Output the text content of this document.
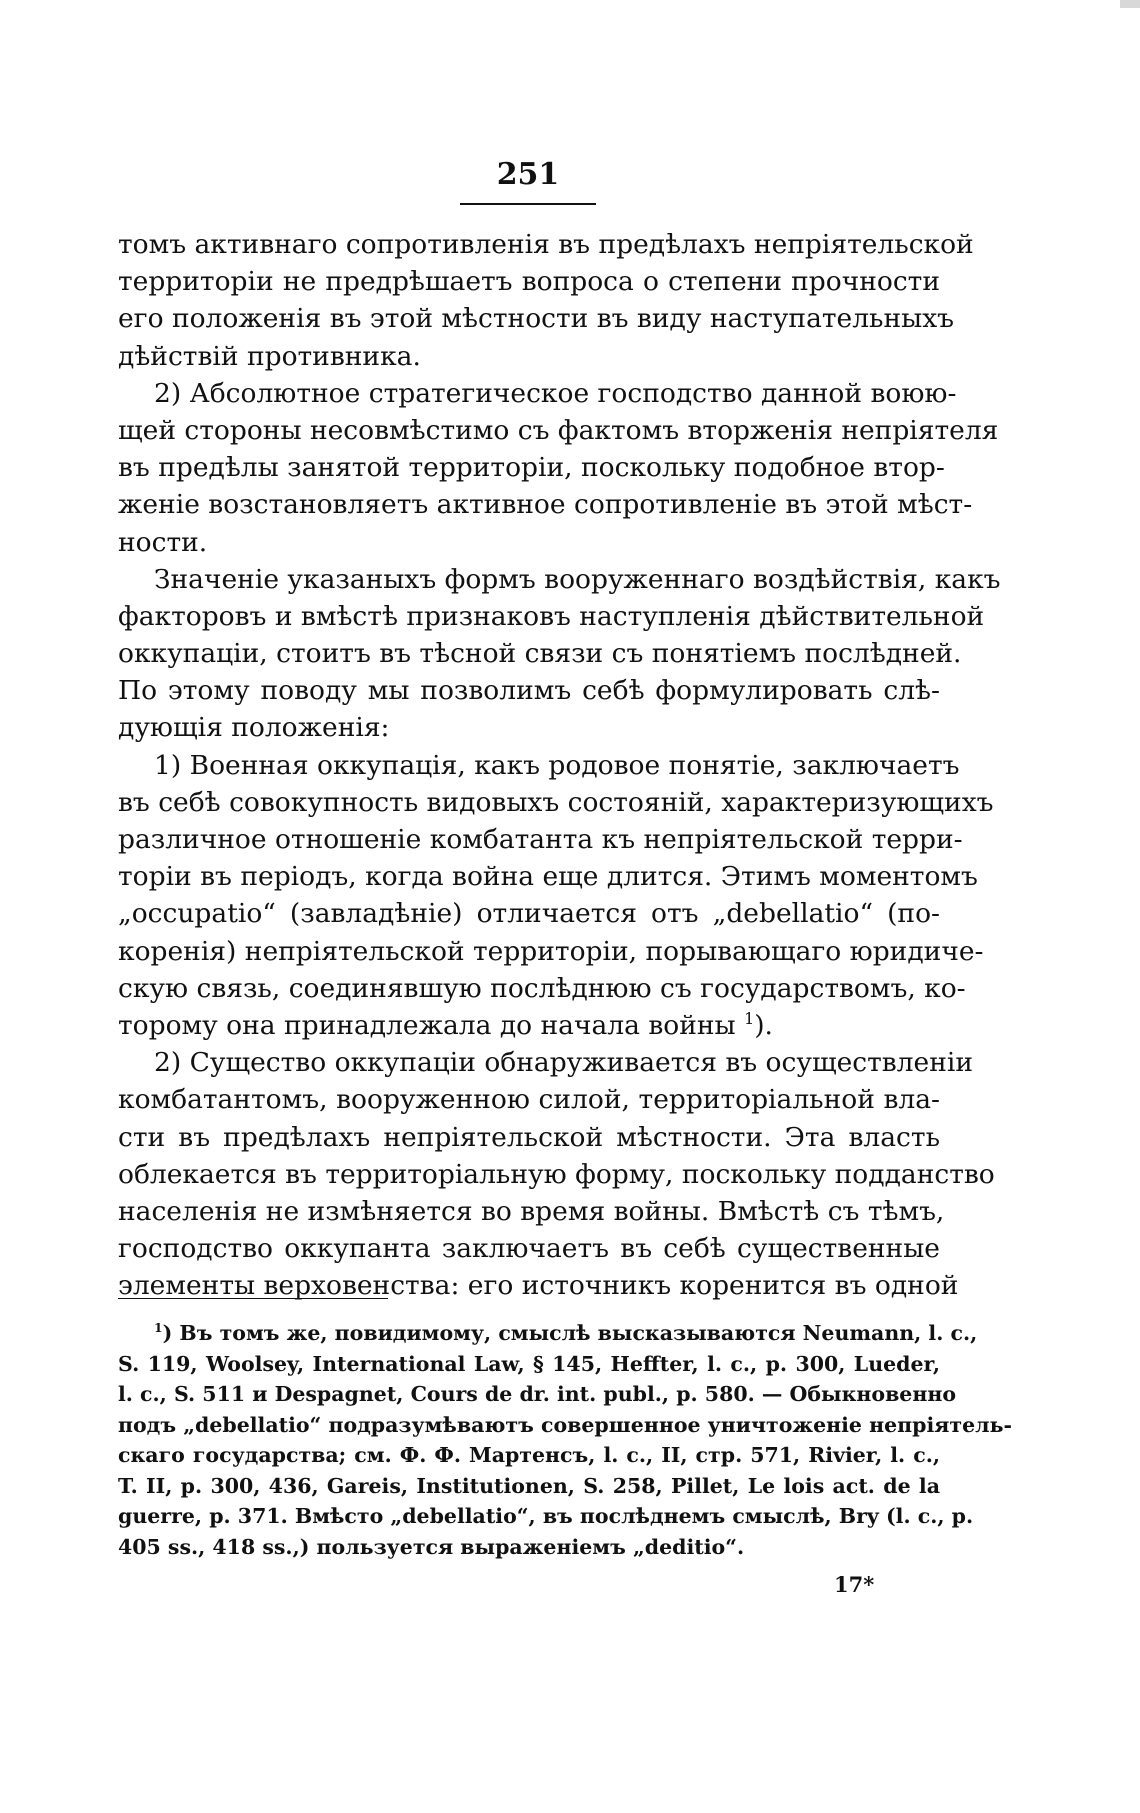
251
томъ активнаго сопротивленія въ предѣлахъ непріятельской
территоріи не предрѣшаетъ вопроса о степени прочности
его положенія въ этой мѣстности въ виду наступательныхъ
дѣйствій противника.
2) Абсолютное стратегическое господство данной воюю-
щей стороны несовмѣстимо съ фактомъ вторженія непріятеля
въ предѣлы занятой территоріи, поскольку подобное втор-
женіе возстановляетъ активное сопротивленіе въ этой мѣст-
ности.
Значеніе указаныхъ формъ вооруженнаго воздѣйствія, какъ
факторовъ и вмѣстѣ признаковъ наступленія дѣйствительной
оккупаціи, стоитъ въ тѣсной связи съ понятіемъ послѣдней.
По этому поводу мы позволимъ себѣ формулировать слѣ-
дующія положенія:
1) Военная оккупація, какъ родовое понятіе, заключаетъ
въ себѣ совокупность видовыхъ состояній, характеризующихъ
различное отношеніе комбатанта къ непріятельской терри-
торіи въ періодъ, когда война еще длится. Этимъ моментомъ
„occupatio“ (завладѣніе) отличается отъ „debellatio“ (по-
коренія) непріятельской территоріи, порывающаго юридиче-
скую связь, соединявшую послѣднюю съ государствомъ, ко-
торому она принадлежала до начала войны $^1$).
2) Существо оккупаціи обнаруживается въ осуществленіи
комбатантомъ, вооруженною силой, территоріальной вла-
сти въ предѣлахъ непріятельской мѣстности. Эта власть
облекается въ территоріальную форму, поскольку подданство
населенія не измѣняется во время войны. Вмѣстѣ съ тѣмъ,
господство оккупанта заключаетъ въ себѣ существенные
элементы верховенства: его источникъ коренится въ одной
$^1$) Въ томъ же, повидимому, смыслѣ высказываются Neumann, l. c.,
S. 119, Woolsey, International Law, § 145, Heffter, l. c., p. 300, Lueder,
l. c., S. 511 и Despagnet, Cours de dr. int. publ., p. 580. — Обыкновенно
подъ „debellatio“ подразумѣваютъ совершенное уничтоженіе непріятель-
скаго государства; см. Ф. Ф. Мартенсъ, l. c., II, стр. 571, Rivier, l. c.,
T. II, p. 300, 436, Gareis, Institutionen, S. 258, Pillet, Le lois act. de la
guerre, p. 371. Вмѣсто „debellatio“, въ послѣднемъ смыслѣ, Bry (l. c., p.
405 ss., 418 ss.,) пользуется выраженіемъ „deditio“.
17*
